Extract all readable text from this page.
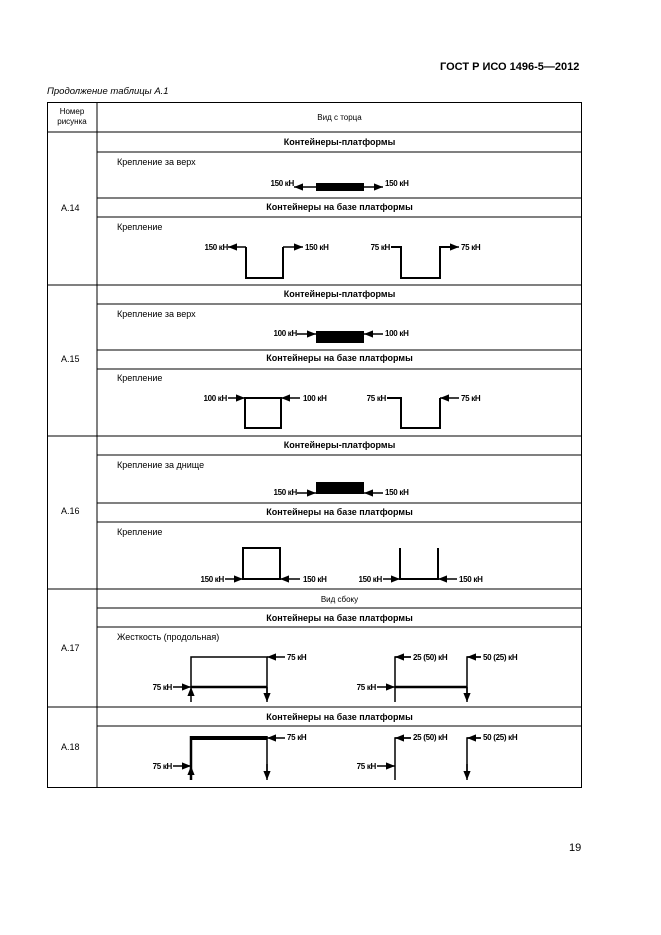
ГОСТ Р ИСО 1496-5—2012
Продолжение таблицы А.1
Номер
рисунка	Вид с торца
А.14
Контейнеры-платформы
Крепление за верх
150 кН	150 кН
Контейнеры на базе платформы
Крепление
150 кН	150 кН	75 кН	75 кН
А.15
Контейнеры-платформы
Крепление за верх
100 кН	100 кН
Контейнеры на базе платформы
Крепление
100 кН	100 кН	75 кН	75 кН
А.16
Контейнеры-платформы
Крепление за днище
150 кН	150 кН
Контейнеры на базе платформы
Крепление
150 кН	150 кН	150 кН	150 кН
Вид сбоку
А.17
Контейнеры на базе платформы
Жесткость (продольная)
75 кН
75 кН	75 кН
25 (50) кН	50 (25) кН
А.18
Контейнеры на базе платформы
75 кН
75 кН	75 кН
25 (50) кН	50 (25) кН
19
